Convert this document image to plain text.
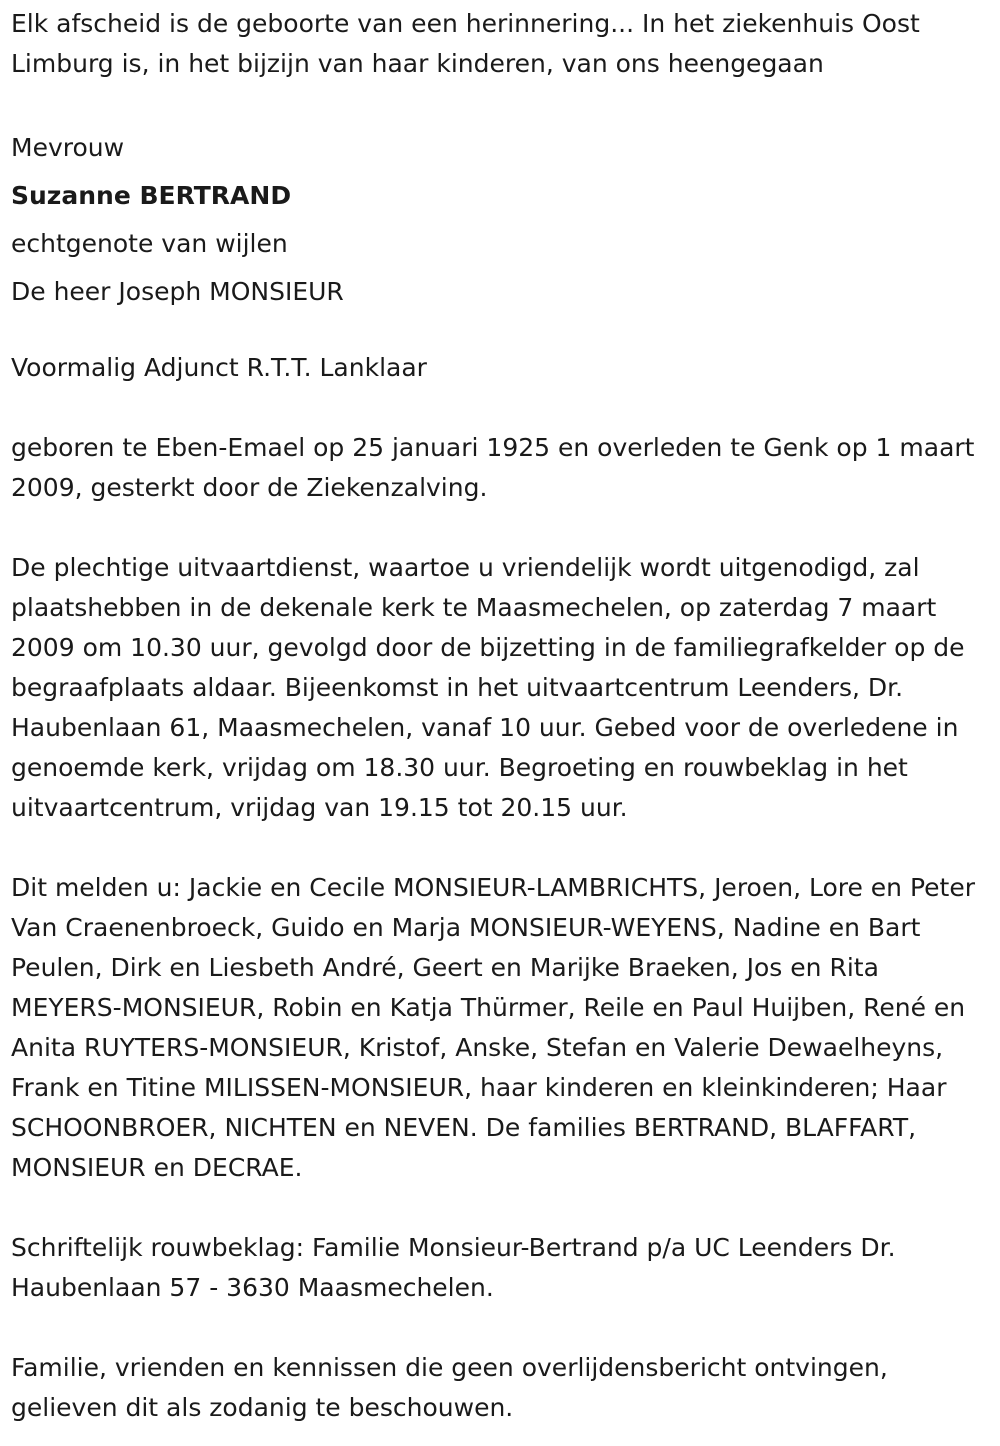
Elk afscheid is de geboorte van een herinnering... In het ziekenhuis Oost Limburg is, in het bijzijn van haar kinderen, van ons heengegaan

Mevrouw
Suzanne BERTRAND
echtgenote van wijlen
De heer Joseph MONSIEUR

Voormalig Adjunct R.T.T. Lanklaar

geboren te Eben-Emael op 25 januari 1925 en overleden te Genk op 1 maart 2009, gesterkt door de Ziekenzalving.

De plechtige uitvaartdienst, waartoe u vriendelijk wordt uitgenodigd, zal plaatshebben in de dekenale kerk te Maasmechelen, op zaterdag 7 maart 2009 om 10.30 uur, gevolgd door de bijzetting in de familiegrafkelder op de begraafplaats aldaar. Bijeenkomst in het uitvaartcentrum Leenders, Dr. Haubenlaan 61, Maasmechelen, vanaf 10 uur. Gebed voor de overledene in genoemde kerk, vrijdag om 18.30 uur. Begroeting en rouwbeklag in het uitvaartcentrum, vrijdag van 19.15 tot 20.15 uur.

Dit melden u: Jackie en Cecile MONSIEUR-LAMBRICHTS, Jeroen, Lore en Peter Van Craenenbroeck, Guido en Marja MONSIEUR-WEYENS, Nadine en Bart Peulen, Dirk en Liesbeth André, Geert en Marijke Braeken, Jos en Rita MEYERS-MONSIEUR, Robin en Katja Thürmer, Reile en Paul Huijben, René en Anita RUYTERS-MONSIEUR, Kristof, Anske, Stefan en Valerie Dewaelheyns, Frank en Titine MILISSEN-MONSIEUR, haar kinderen en kleinkinderen; Haar SCHOONBROER, NICHTEN en NEVEN. De families BERTRAND, BLAFFART, MONSIEUR en DECRAE.

Schriftelijk rouwbeklag: Familie Monsieur-Bertrand p/a UC Leenders Dr. Haubenlaan 57 - 3630 Maasmechelen.

Familie, vrienden en kennissen die geen overlijdensbericht ontvingen, gelieven dit als zodanig te beschouwen.
